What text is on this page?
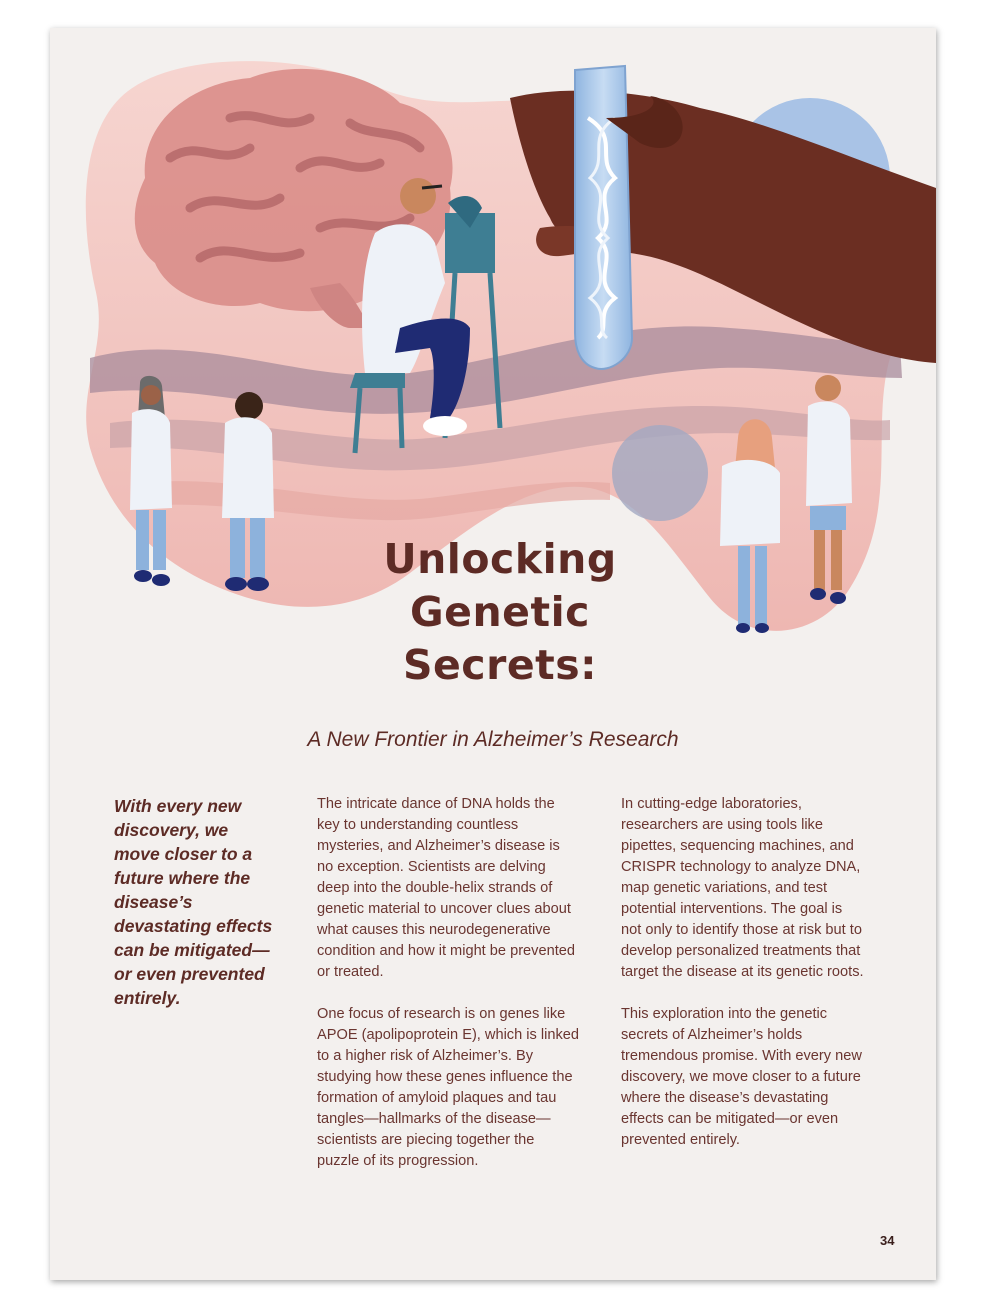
Unlocking
Genetic
Secrets:
A New Frontier in Alzheimer’s Research
With every new discovery, we move closer to a future where the disease’s devastating effects can be mitigated—or even prevented entirely.

The intricate dance of DNA holds the key to understanding countless mysteries, and Alzheimer’s disease is no exception. Scientists are delving deep into the double-helix strands of genetic material to uncover clues about what causes this neurodegenerative condition and how it might be prevented or treated.

One focus of research is on genes like APOE (apolipoprotein E), which is linked to a higher risk of Alzheimer’s. By studying how these genes influence the formation of amyloid plaques and tau tangles—hallmarks of the disease—scientists are piecing together the puzzle of its progression.

In cutting-edge laboratories, researchers are using tools like pipettes, sequencing machines, and CRISPR technology to analyze DNA, map genetic variations, and test potential interventions. The goal is not only to identify those at risk but to develop personalized treatments that target the disease at its genetic roots.

This exploration into the genetic secrets of Alzheimer’s holds tremendous promise. With every new discovery, we move closer to a future where the disease’s devastating effects can be mitigated—or even prevented entirely.

34
